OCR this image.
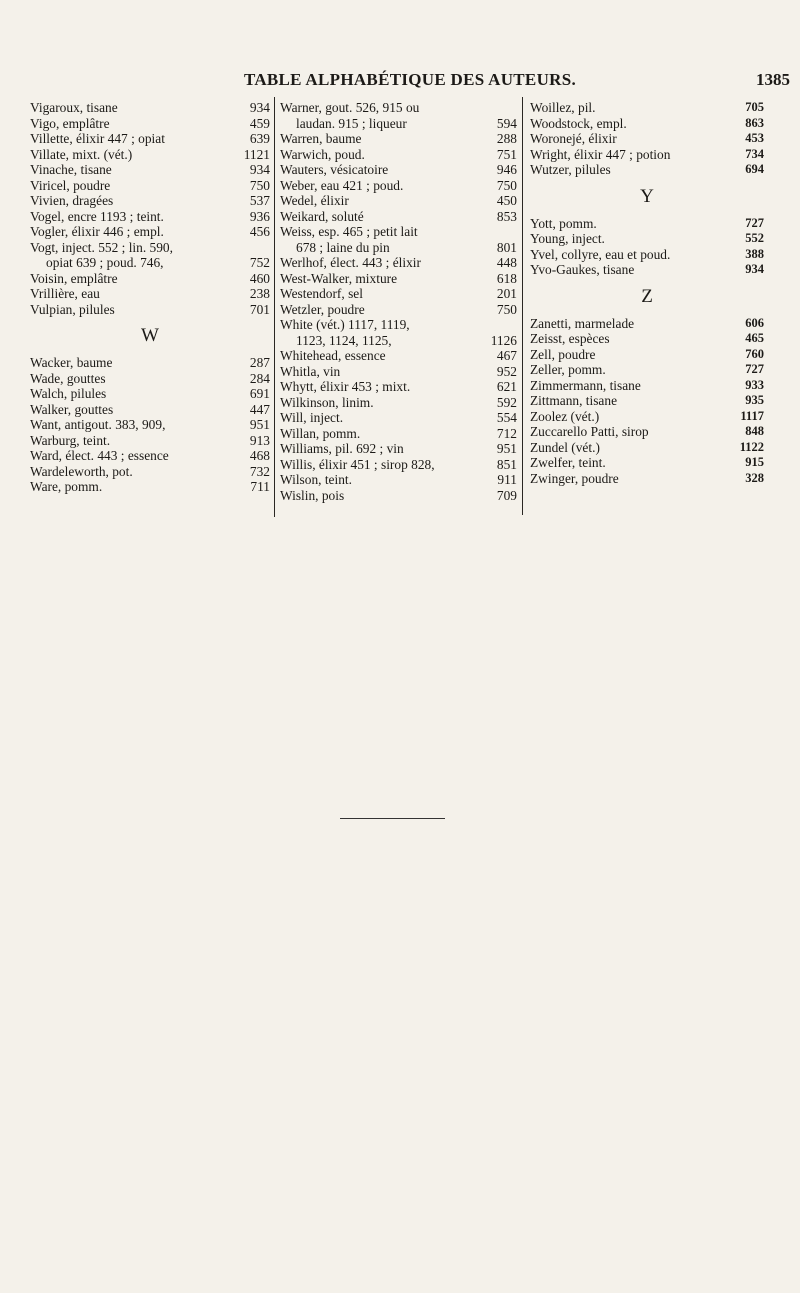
TABLE ALPHABÉTIQUE DES AUTEURS.	1385
Vigaroux, tisane	934
Vigo, emplâtre	459
Villette, élixir 447 ; opiat	639
Villate, mixt. (vét.)	1121
Vinache, tisane	934
Viricel, poudre	750
Vivien, dragées	537
Vogel, encre 1193 ; teint.	936
Vogler, élixir 446 ; empl.	456
Vogt, inject. 552 ; lin. 590,
opiat 639 ; poud. 746,	752
Voisin, emplâtre	460
Vrillière, eau	238
Vulpian, pilules	701
W
Wacker, baume	287
Wade, gouttes	284
Walch, pilules	691
Walker, gouttes	447
Want, antigout. 383, 909,	951
Warburg, teint.	913
Ward, élect. 443 ; essence	468
Wardeleworth, pot.	732
Ware, pomm.	711
Warner, gout. 526, 915 ou
laudan. 915 ; liqueur	594
Warren, baume	288
Warwich, poud.	751
Wauters, vésicatoire	946
Weber, eau 421 ; poud.	750
Wedel, élixir	450
Weikard, soluté	853
Weiss, esp. 465 ; petit lait
678 ; laine du pin	801
Werlhof, élect. 443 ; élixir	448
West-Walker, mixture	618
Westendorf, sel	201
Wetzler, poudre	750
White (vét.) 1117, 1119,
1123, 1124, 1125,	1126
Whitehead, essence	467
Whitla, vin	952
Whytt, élixir 453 ; mixt.	621
Wilkinson, linim.	592
Will, inject.	554
Willan, pomm.	712
Williams, pil. 692 ; vin	951
Willis, élixir 451 ; sirop 828,	851
Wilson, teint.	911
Wislin, pois	709
Woillez, pil.	705
Woodstock, empl.	863
Woronejé, élixir	453
Wright, élixir 447 ; potion	734
Wutzer, pilules	694
Y
Yott, pomm.	727
Young, inject.	552
Yvel, collyre, eau et poud.	388
Yvo-Gaukes, tisane	934
Z
Zanetti, marmelade	606
Zeisst, espèces	465
Zell, poudre	760
Zeller, pomm.	727
Zimmermann, tisane	933
Zittmann, tisane	935
Zoolez (vét.)	1117
Zuccarello Patti, sirop	848
Zundel (vét.)	1122
Zwelfer, teint.	915
Zwinger, poudre	328
